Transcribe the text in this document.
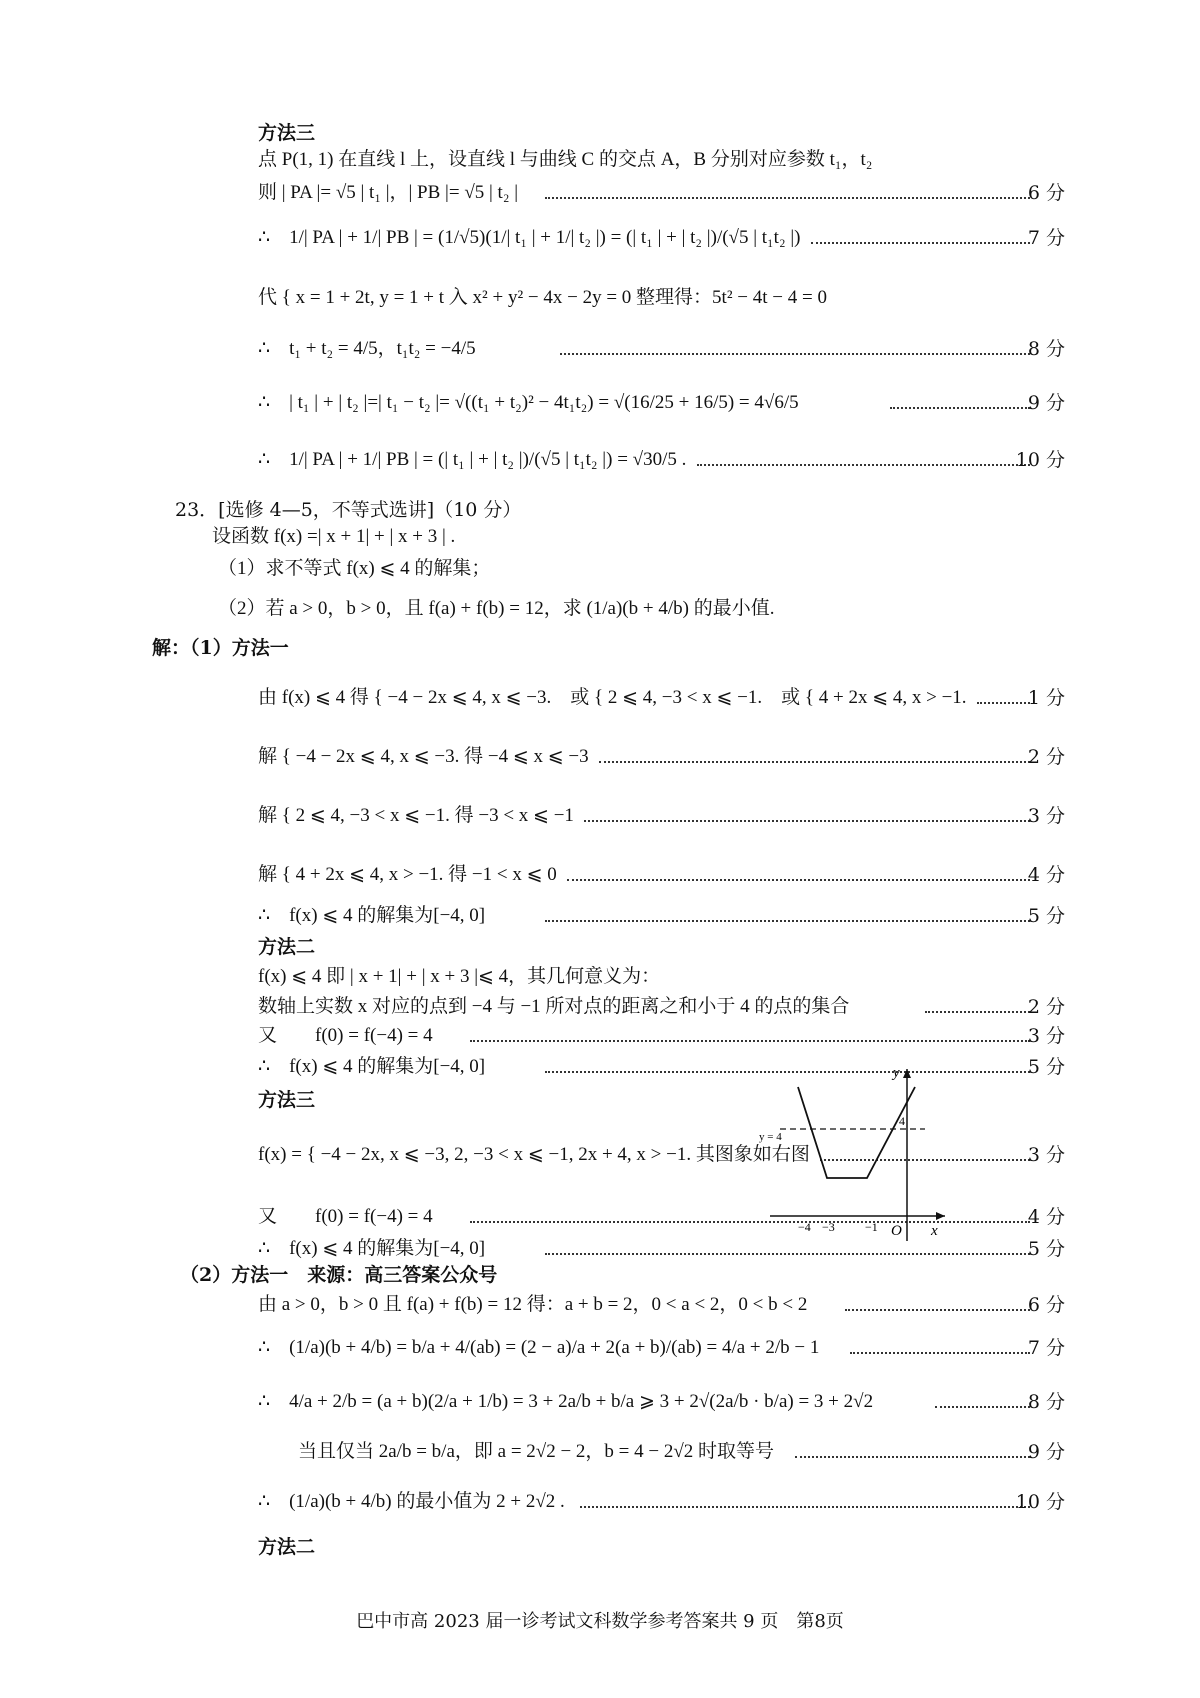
方法三
点 P(1, 1) 在直线 l 上，设直线 l 与曲线 C 的交点 A，B 分别对应参数 t₁，t₂
则 | PA |= √5 | t₁ |，| PB |= √5 | t₂ |	6 分
∴　1/| PA | + 1/| PB | = (1/√5)(1/| t₁ | + 1/| t₂ |) = (| t₁ | + | t₂ |)/(√5 | t₁t₂ |)	7 分
代 { x = 1 + 2t, y = 1 + t 入 x² + y² − 4x − 2y = 0 整理得：5t² − 4t − 4 = 0
∴　t₁ + t₂ = 4/5，t₁t₂ = −4/5	8 分
∴　| t₁ | + | t₂ |=| t₁ − t₂ |= √((t₁ + t₂)² − 4t₁t₂) = √(16/25 + 16/5) = 4√6/5	9 分
∴　1/| PA | + 1/| PB | = (| t₁ | + | t₂ |)/(√5 | t₁t₂ |) = √30/5 .	10 分
23．[选修 4—5，不等式选讲]（10 分）
设函数 f(x) =| x + 1| + | x + 3 | .
（1）求不等式 f(x) ⩽ 4 的解集；
（2）若 a > 0，b > 0，且 f(a) + f(b) = 12，求 (1/a)(b + 4/b) 的最小值.
解：（1）方法一
由 f(x) ⩽ 4 得 { −4 − 2x ⩽ 4, x ⩽ −3.　或 { 2 ⩽ 4, −3 < x ⩽ −1.　或 { 4 + 2x ⩽ 4, x > −1.	1 分
解 { −4 − 2x ⩽ 4, x ⩽ −3. 得 −4 ⩽ x ⩽ −3	2 分
解 { 2 ⩽ 4, −3 < x ⩽ −1. 得 −3 < x ⩽ −1	3 分
解 { 4 + 2x ⩽ 4, x > −1. 得 −1 < x ⩽ 0	4 分
∴　f(x) ⩽ 4 的解集为[−4, 0]	5 分
方法二
f(x) ⩽ 4 即 | x + 1| + | x + 3 |⩽ 4，其几何意义为：
数轴上实数 x 对应的点到 −4 与 −1 所对点的距离之和小于 4 的点的集合	2 分
又　　f(0) = f(−4) = 4	3 分
∴　f(x) ⩽ 4 的解集为[−4, 0]	5 分
方法三
f(x) = { −4 − 2x, x ⩽ −3, 2, −3 < x ⩽ −1, 2x + 4, x > −1. 其图象如右图	3 分
又　　f(0) = f(−4) = 4	4 分
∴　f(x) ⩽ 4 的解集为[−4, 0]	5 分
y
x
O
y = 4
4
−4 −3	−1
（2）方法一　来源：高三答案公众号
由 a > 0，b > 0 且 f(a) + f(b) = 12 得：a + b = 2，0 < a < 2，0 < b < 2	6 分
∴　(1/a)(b + 4/b) = b/a + 4/(ab) = (2 − a)/a + 2(a + b)/(ab) = 4/a + 2/b − 1	7 分
∴　4/a + 2/b = (a + b)(2/a + 1/b) = 3 + 2a/b + b/a ⩾ 3 + 2√(2a/b · b/a) = 3 + 2√2	8 分
当且仅当 2a/b = b/a，即 a = 2√2 − 2，b = 4 − 2√2 时取等号	9 分
∴　(1/a)(b + 4/b) 的最小值为 2 + 2√2 .	10 分
方法二
巴中市高 2023 届一诊考试文科数学参考答案共 9 页　第8页
